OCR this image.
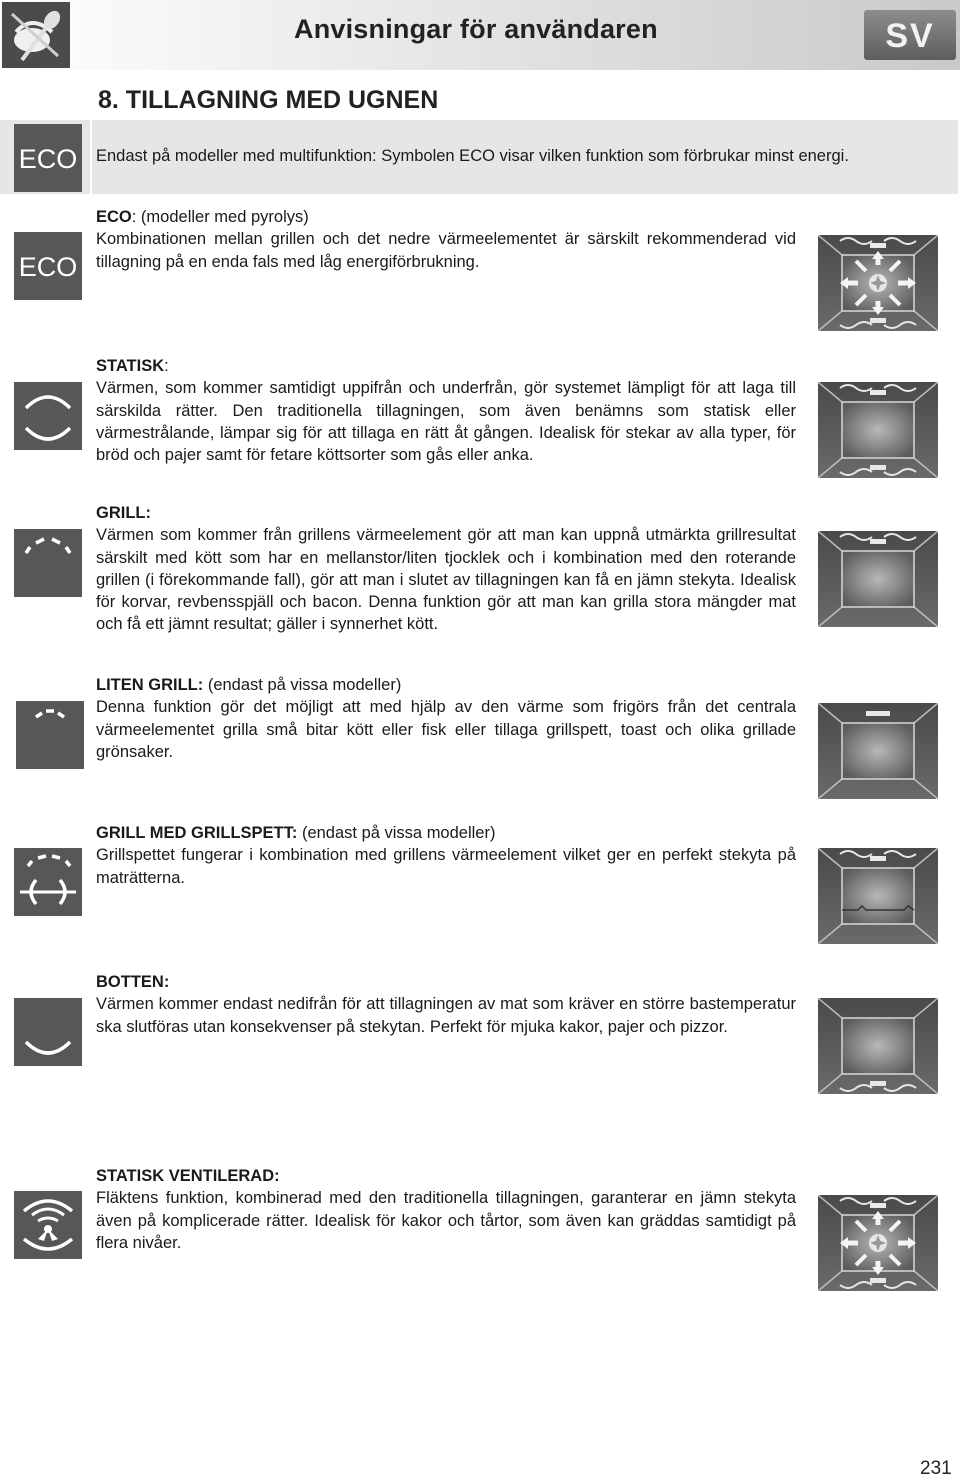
Anvisningar för användaren	SV
8. TILLAGNING MED UGNEN
ECO Endast på modeller med multifunktion: Symbolen ECO visar vilken funktion som förbrukar minst energi.
ECO
ECO: (modeller med pyrolys)
Kombinationen mellan grillen och det nedre värmeelementet är särskilt rekommenderad vid tillagning på en enda fals med låg energiförbrukning.
STATISK:
Värmen, som kommer samtidigt uppifrån och underfrån, gör systemet lämpligt för att laga till särskilda rätter. Den traditionella tillagningen, som även benämns som statisk eller värmestrålande, lämpar sig för att tillaga en rätt åt gången. Idealisk för stekar av alla typer, för bröd och pajer samt för fetare köttsorter som gås eller anka.
GRILL:
Värmen som kommer från grillens värmeelement gör att man kan uppnå utmärkta grillresultat särskilt med kött som har en mellanstor/liten tjocklek och i kombination med den roterande grillen (i förekommande fall), gör att man i slutet av tillagningen kan få en jämn stekyta. Idealisk för korvar, revbensspjäll och bacon. Denna funktion gör att man kan grilla stora mängder mat och få ett jämnt resultat; gäller i synnerhet kött.
LITEN GRILL: (endast på vissa modeller)
Denna funktion gör det möjligt att med hjälp av den värme som frigörs från det centrala värmeelementet grilla små bitar kött eller fisk eller tillaga grillspett, toast och olika grillade grönsaker.
GRILL MED GRILLSPETT: (endast på vissa modeller)
Grillspettet fungerar i kombination med grillens värmeelement vilket ger en perfekt stekyta på maträtterna.
BOTTEN:
Värmen kommer endast nedifrån för att tillagningen av mat som kräver en större bastemperatur ska slutföras utan konsekvenser på stekytan. Perfekt för mjuka kakor, pajer och pizzor.
STATISK VENTILERAD:
Fläktens funktion, kombinerad med den traditionella tillagningen, garanterar en jämn stekyta även på komplicerade rätter. Idealisk för kakor och tårtor, som även kan gräddas samtidigt på flera nivåer.
231
